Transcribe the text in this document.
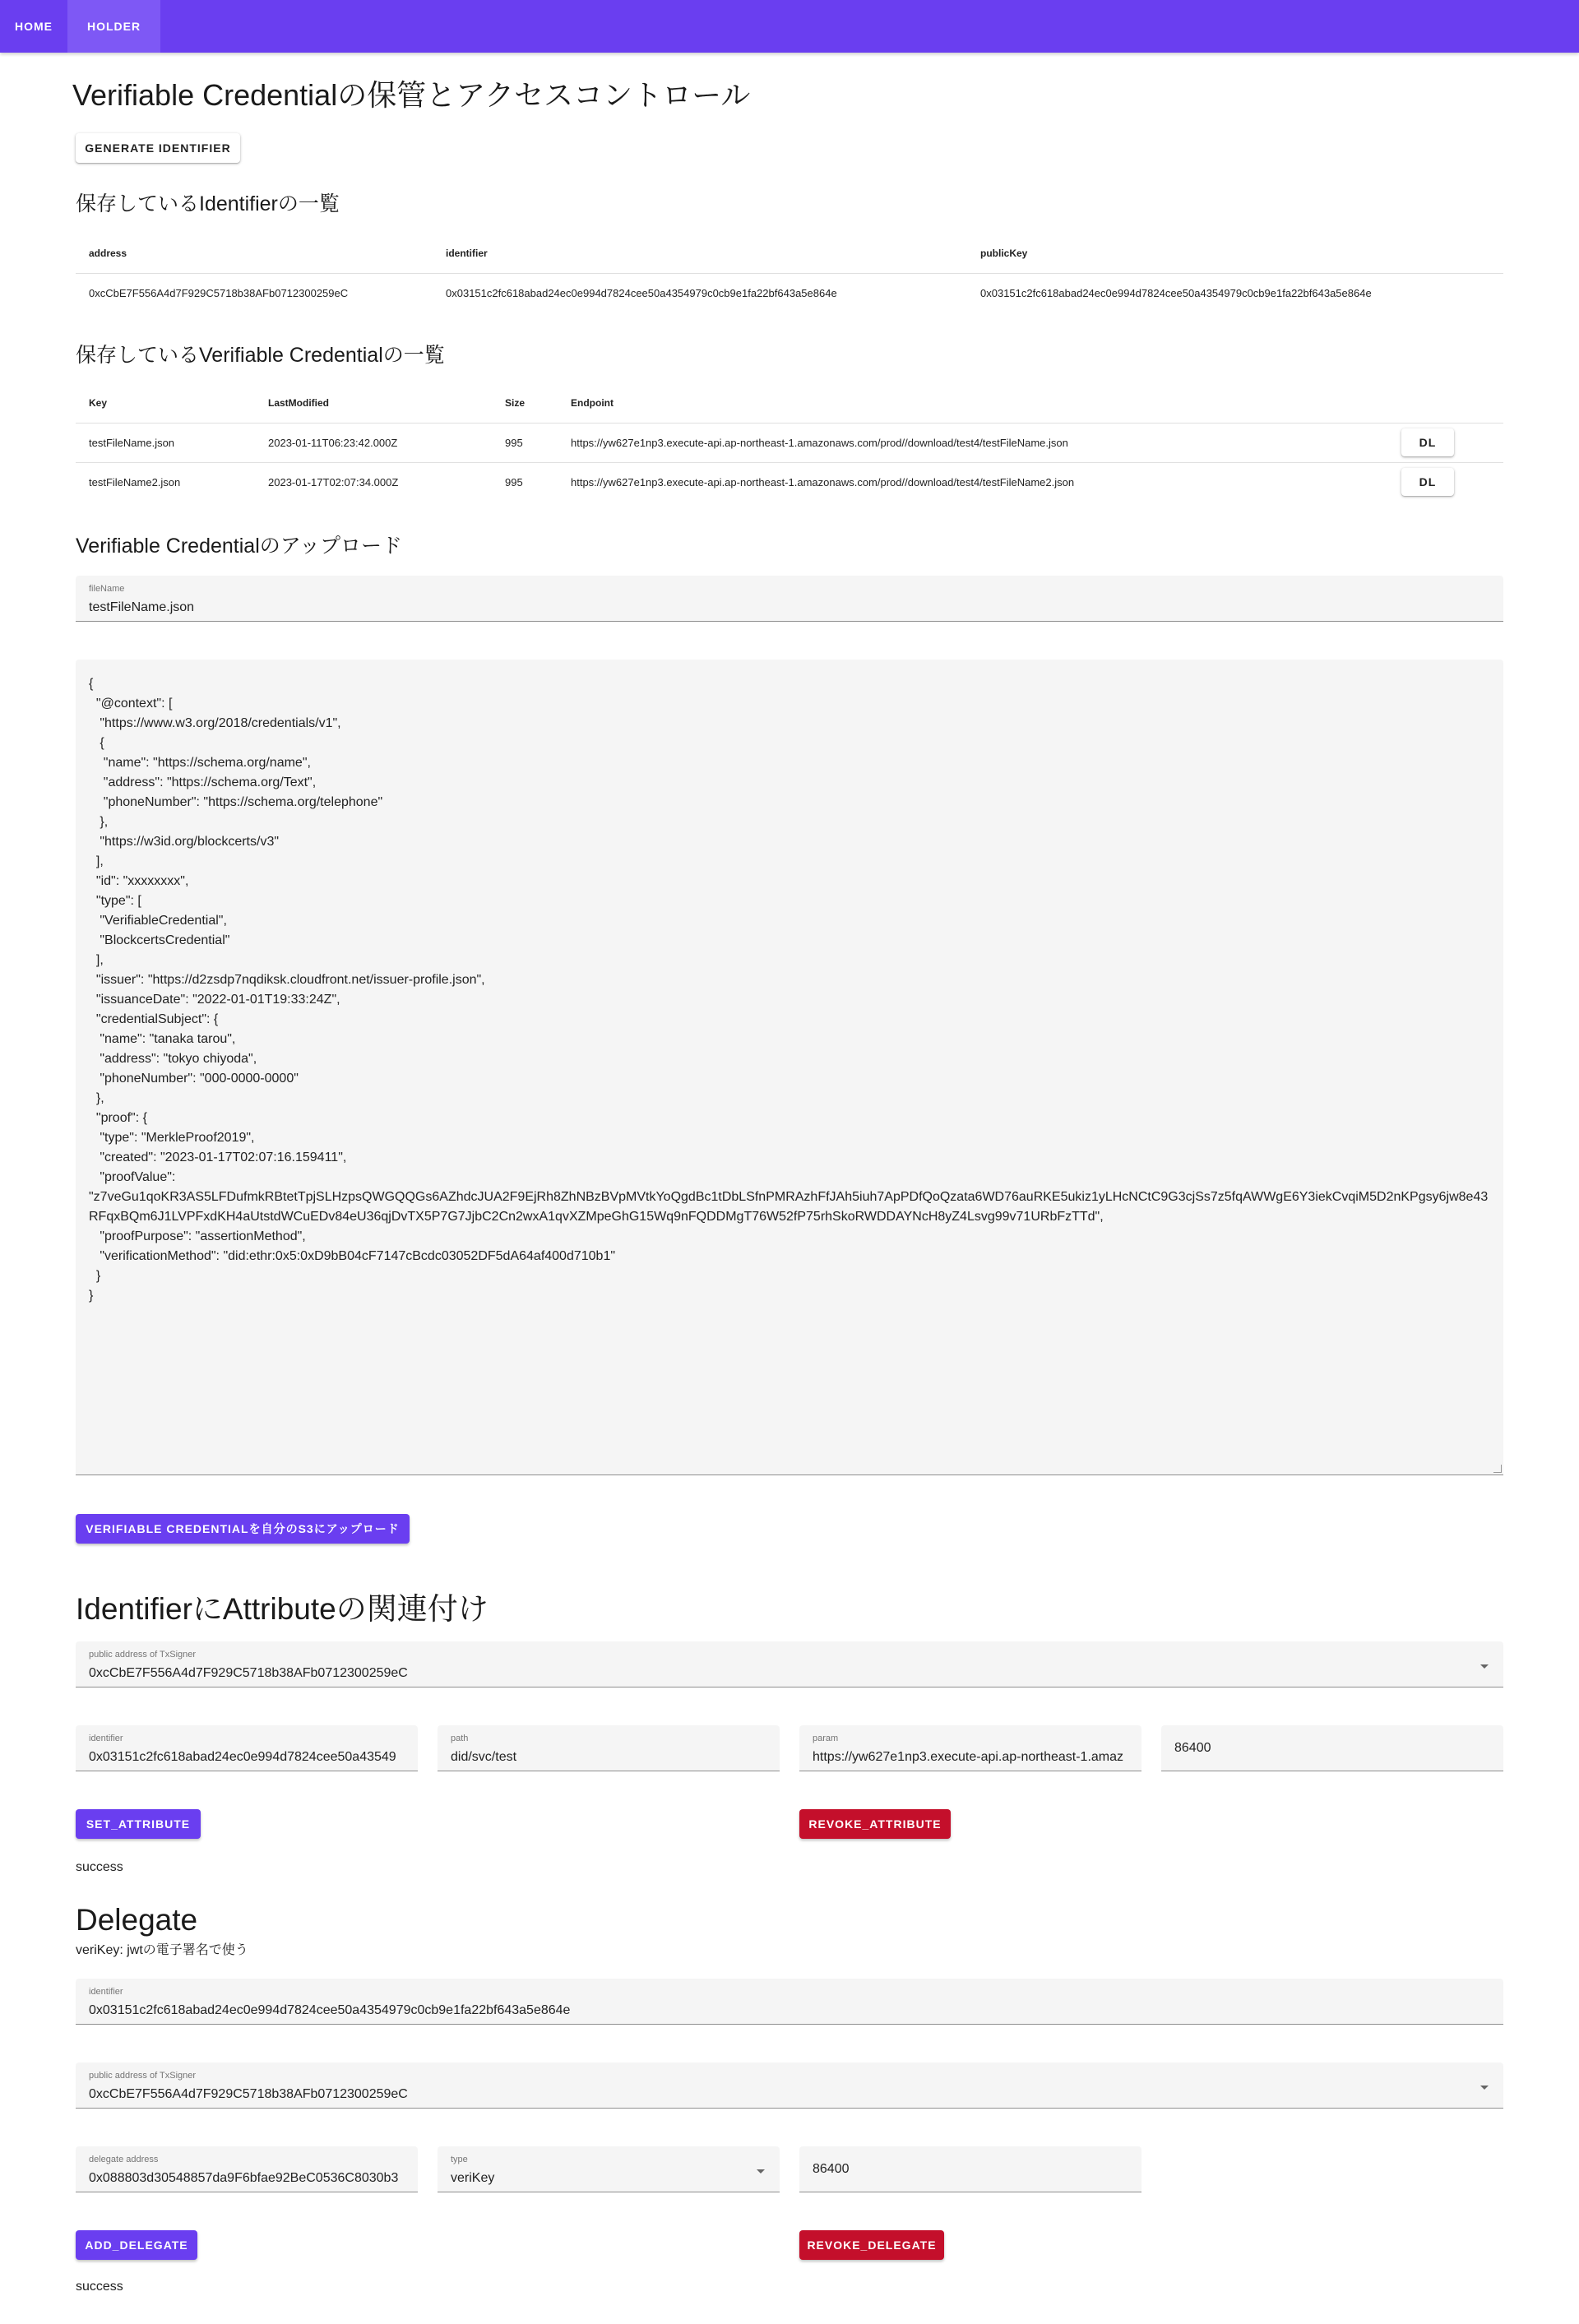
HOME	HOLDER
Verifiable Credentialの保管とアクセスコントロール
GENERATE IDENTIFIER
保存しているIdentifierの一覧
address	identifier	publicKey
0xcCbE7F556A4d7F929C5718b38AFb0712300259eC	0x03151c2fc618abad24ec0e994d7824cee50a4354979c0cb9e1fa22bf643a5e864e	0x03151c2fc618abad24ec0e994d7824cee50a4354979c0cb9e1fa22bf643a5e864e
保存しているVerifiable Credentialの一覧
Key	LastModified	Size	Endpoint	
testFileName.json	2023-01-11T06:23:42.000Z	995	https://yw627e1np3.execute-api.ap-northeast-1.amazonaws.com/prod//download/test4/testFileName.json	DL

testFileName2.json	2023-01-17T02:07:34.000Z	995	https://yw627e1np3.execute-api.ap-northeast-1.amazonaws.com/prod//download/test4/testFileName2.json	DL
Verifiable Credentialのアップロード
fileName
testFileName.json
{
"@context": [
"https://www.w3.org/2018/credentials/v1",
{
"name": "https://schema.org/name",
"address": "https://schema.org/Text",
"phoneNumber": "https://schema.org/telephone"
},
"https://w3id.org/blockcerts/v3"
],
"id": "xxxxxxxx",
"type": [
"VerifiableCredential",
"BlockcertsCredential"
],
"issuer": "https://d2zsdp7nqdiksk.cloudfront.net/issuer-profile.json",
"issuanceDate": "2022-01-01T19:33:24Z",
"credentialSubject": {
"name": "tanaka tarou",
"address": "tokyo chiyoda",
"phoneNumber": "000-0000-0000"
},
"proof": {
"type": "MerkleProof2019",
"created": "2023-01-17T02:07:16.159411",
"proofValue":
"z7veGu1qoKR3AS5LFDufmkRBtetTpjSLHzpsQWGQQGs6AZhdcJUA2F9EjRh8ZhNBzBVpMVtkYoQgdBc1tDbLSfnPMRAzhFfJAh5iuh7ApPDfQoQzata6WD76auRKE5ukiz1yLHcNCtC9G3cjSs7z5fqAWWgE6Y3iekCvqiM5D2nKPgsy6jw8e43RFqxBQm6J1LVPFxdKH4aUtstdWCuEDv84eU36qjDvTX5P7G7JjbC2Cn2wxA1qvXZMpeGhG15Wq9nFQDDMgT76W52fP75rhSkoRWDDAYNcH8yZ4Lsvg99v71URbFzTTd",
"proofPurpose": "assertionMethod",
"verificationMethod": "did:ethr:0x5:0xD9bB04cF7147cBcdc03052DF5dA64af400d710b1"
}
}
VERIFIABLE CREDENTIALを自分のS3にアップロード
IdentifierにAttributeの関連付け
public address of TxSigner
0xcCbE7F556A4d7F929C5718b38AFb0712300259eC
identifier
0x03151c2fc618abad24ec0e994d7824cee50a43549
path
did/svc/test
param
https://yw627e1np3.execute-api.ap-northeast-1.amaz
86400
SET_ATTRIBUTE	REVOKE_ATTRIBUTE
success
Delegate
veriKey: jwtの電子署名で使う
identifier
0x03151c2fc618abad24ec0e994d7824cee50a4354979c0cb9e1fa22bf643a5e864e
public address of TxSigner
0xcCbE7F556A4d7F929C5718b38AFb0712300259eC
delegate address
0x088803d30548857da9F6bfae92BeC0536C8030b3
type
veriKey
86400
ADD_DELEGATE	REVOKE_DELEGATE
success
